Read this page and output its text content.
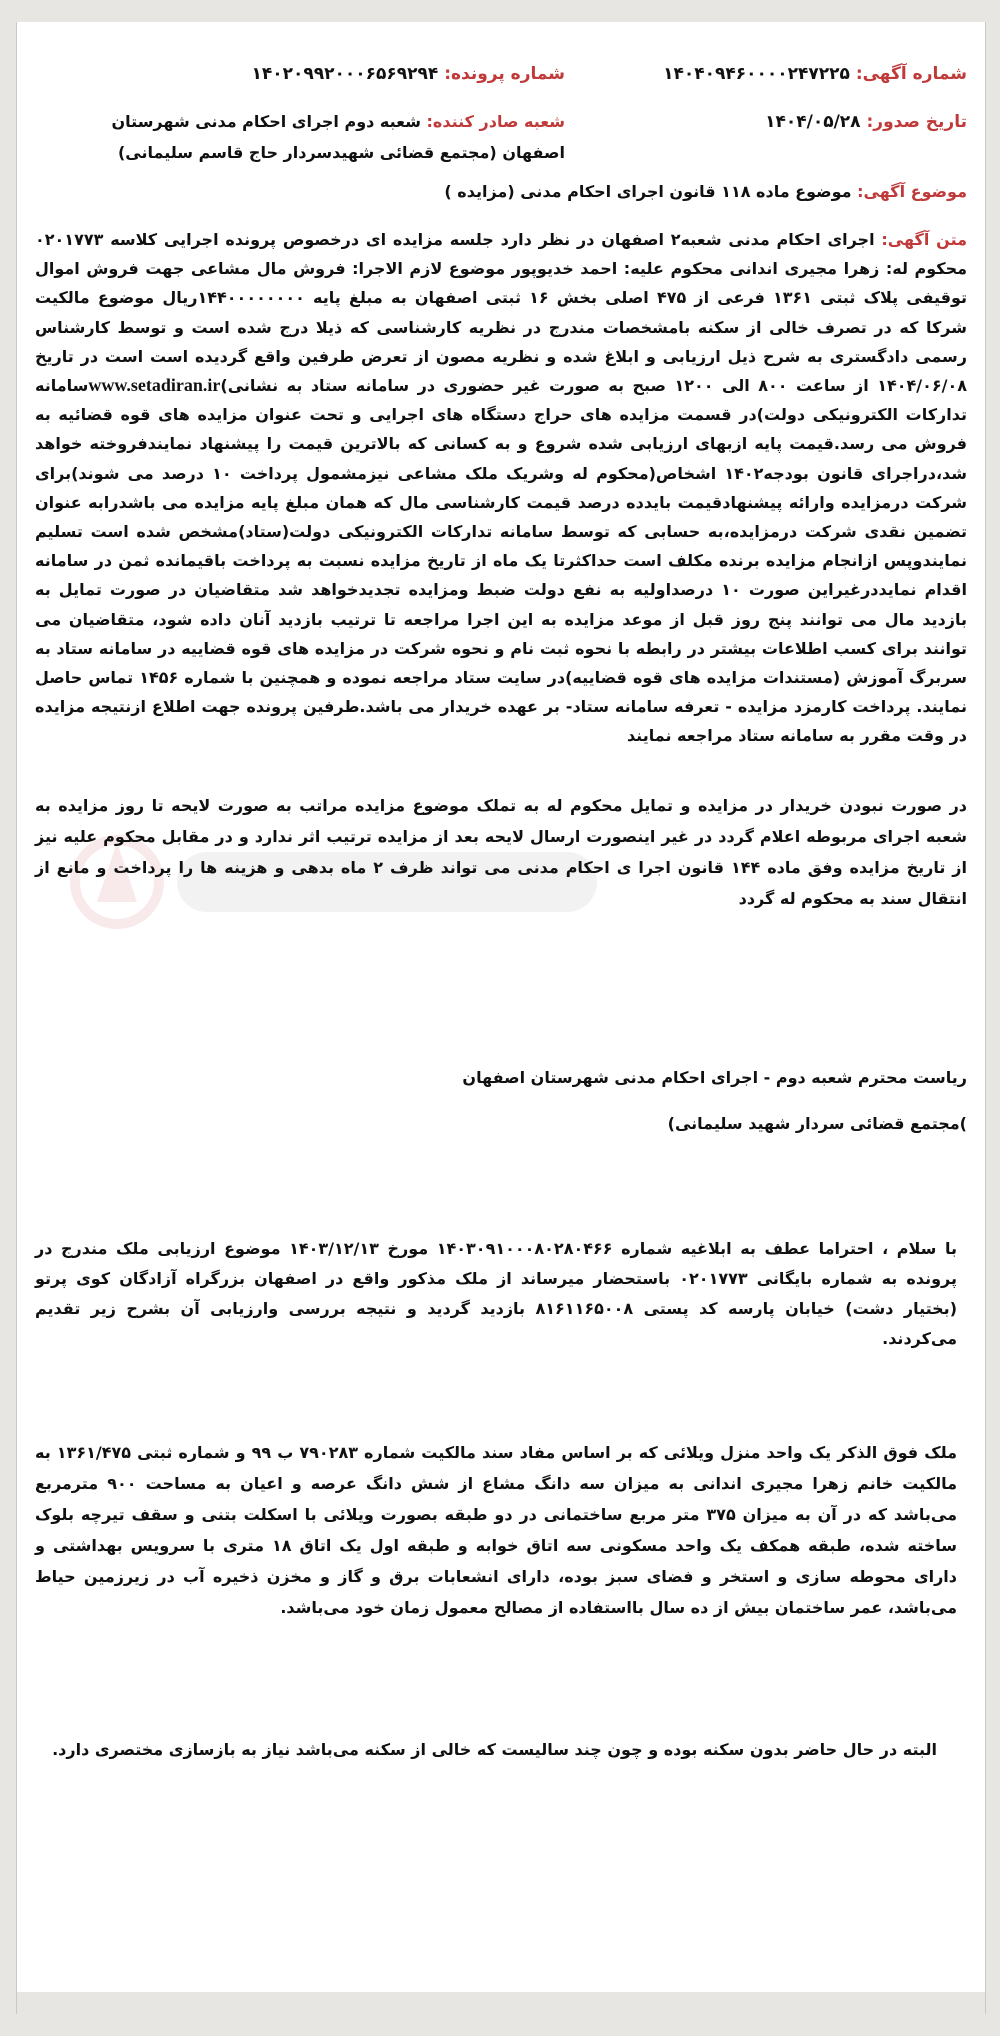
شماره آگهی: ۱۴۰۴۰۹۴۶۰۰۰۰۲۴۷۲۲۵
شماره پرونده: ۱۴۰۲۰۹۹۲۰۰۰۶۵۶۹۲۹۴
تاریخ صدور: ۱۴۰۴/۰۵/۲۸
شعبه صادر کننده: شعبه دوم اجرای احکام مدنی شهرستان اصفهان (مجتمع قضائی شهیدسردار حاج قاسم سلیمانی)
موضوع آگهی: موضوع ماده ۱۱۸ قانون اجرای احکام مدنی (مزایده )
متن آگهی: اجرای احکام مدنی شعبه۲ اصفهان در نظر دارد جلسه مزایده ای درخصوص پرونده اجرایی کلاسه ۰۲۰۱۷۷۳ محکوم له: زهرا مجیری اندانی محکوم علیه: احمد خدیوپور موضوع لازم الاجرا: فروش مال مشاعی جهت فروش اموال توقیفی پلاک ثبتی ۱۳۶۱ فرعی از ۴۷۵ اصلی بخش ۱۶ ثبتی اصفهان به مبلغ پایه ۱۴۴۰۰۰۰۰۰۰۰ریال موضوع مالکیت شرکا که در تصرف خالی از سکنه بامشخصات مندرج در نظریه کارشناسی که ذیلا درج شده است و توسط کارشناس رسمی دادگستری به شرح ذیل ارزیابی و ابلاغ شده و نظریه مصون از تعرض طرفین واقع گردیده است است در تاریخ ۱۴۰۴/۰۶/۰۸ از ساعت ۸۰۰ الی ۱۲۰۰ صبح به صورت غیر حضوری در سامانه ستاد به نشانی)www.setadiran.irسامانه تدارکات الکترونیکی دولت)در قسمت مزایده های حراج دستگاه های اجرایی و تحت عنوان مزایده های قوه قضائیه به فروش می رسد.قیمت پایه ازبهای ارزیابی شده شروع و به کسانی که بالاترین قیمت را پیشنهاد نمایندفروخته خواهد شد،دراجرای قانون بودجه۱۴۰۲ اشخاص(محکوم له وشریک ملک مشاعی نیزمشمول پرداخت ۱۰ درصد می شوند)برای شرکت درمزایده وارائه پیشنهادقیمت بایدده درصد قیمت کارشناسی مال که همان مبلغ پایه مزایده می باشدرابه عنوان تضمین نقدی شرکت درمزایده،به حسابی که توسط سامانه تدارکات الکترونیکی دولت(ستاد)مشخص شده است تسلیم نمایندوپس ازانجام مزایده برنده مکلف است حداکثرتا یک ماه از تاریخ مزایده نسبت به پرداخت باقیمانده ثمن در سامانه اقدام نمایددرغیراین صورت ۱۰ درصداولیه به نفع دولت ضبط ومزایده تجدیدخواهد شد متقاضیان در صورت تمایل به بازدید مال می توانند پنج روز قبل از موعد مزایده به این اجرا مراجعه تا ترتیب بازدید آنان داده شود، متقاضیان می توانند برای کسب اطلاعات بیشتر در رابطه با نحوه ثبت نام و نحوه شرکت در مزایده های قوه قضاییه در سامانه ستاد به سربرگ آموزش (مستندات مزایده های قوه قضاییه)در سایت ستاد مراجعه نموده و همچنین با شماره ۱۴۵۶ تماس حاصل نمایند. پرداخت کارمزد مزایده - تعرفه سامانه ستاد- بر عهده خریدار می باشد.طرفین پرونده جهت اطلاع ازنتیجه مزایده در وقت مقرر به سامانه ستاد مراجعه نمایند
در صورت نبودن خریدار در مزایده و تمایل محکوم له به تملک موضوع مزایده مراتب به صورت لایحه تا روز مزایده به شعبه اجرای مربوطه اعلام گردد در غیر اینصورت ارسال لایحه بعد از مزایده ترتیب اثر ندارد و در مقابل محکوم علیه نیز از تاریخ مزایده وفق ماده ۱۴۴ قانون اجرا ی احکام مدنی می تواند ظرف ۲ ماه بدهی و هزینه ها را پرداخت و مانع از انتقال سند به محکوم له گردد
ریاست محترم شعبه دوم - اجرای احکام مدنی شهرستان اصفهان
)مجتمع قضائی سردار شهید سلیمانی)
با سلام ، احتراما عطف به ابلاغیه شماره ۱۴۰۳۰۹۱۰۰۰۸۰۲۸۰۴۶۶ مورخ ۱۴۰۳/۱۲/۱۳ موضوع ارزیابی ملک مندرج در پرونده به شماره بایگانی ۰۲۰۱۷۷۳ باستحضار میرساند از ملک مذکور واقع در اصفهان بزرگراه آزادگان کوی پرتو (بختیار دشت) خیابان پارسه کد پستی ۸۱۶۱۱۶۵۰۰۸ بازدید گردید و نتیجه بررسی وارزیابی آن بشرح زیر تقدیم می‌کردند.
ملک فوق الذکر یک واحد منزل ویلائی که بر اساس مفاد سند مالکیت شماره ۷۹۰۲۸۳ ب ۹۹ و شماره ثبتی ۱۳۶۱/۴۷۵ به مالکیت خانم زهرا مجیری اندانی به میزان سه دانگ مشاع از شش دانگ عرصه و اعیان به مساحت ۹۰۰ مترمربع می‌باشد که در آن به میزان ۳۷۵ متر مربع ساختمانی در دو طبقه بصورت ویلائی با اسکلت بتنی و سقف تیرچه بلوک ساخته شده، طبقه همکف یک واحد مسکونی سه اتاق خوابه و طبقه اول یک اتاق ۱۸ متری با سرویس بهداشتی و دارای محوطه سازی و استخر و فضای سبز بوده، دارای انشعابات برق و گاز و مخزن ذخیره آب در زیرزمین حیاط می‌باشد، عمر ساختمان بیش از ده سال بااستفاده از مصالح معمول زمان خود می‌باشد.
البته در حال حاضر بدون سکنه بوده و چون چند سالیست که خالی از سکنه می‌باشد نیاز به بازسازی مختصری دارد.
